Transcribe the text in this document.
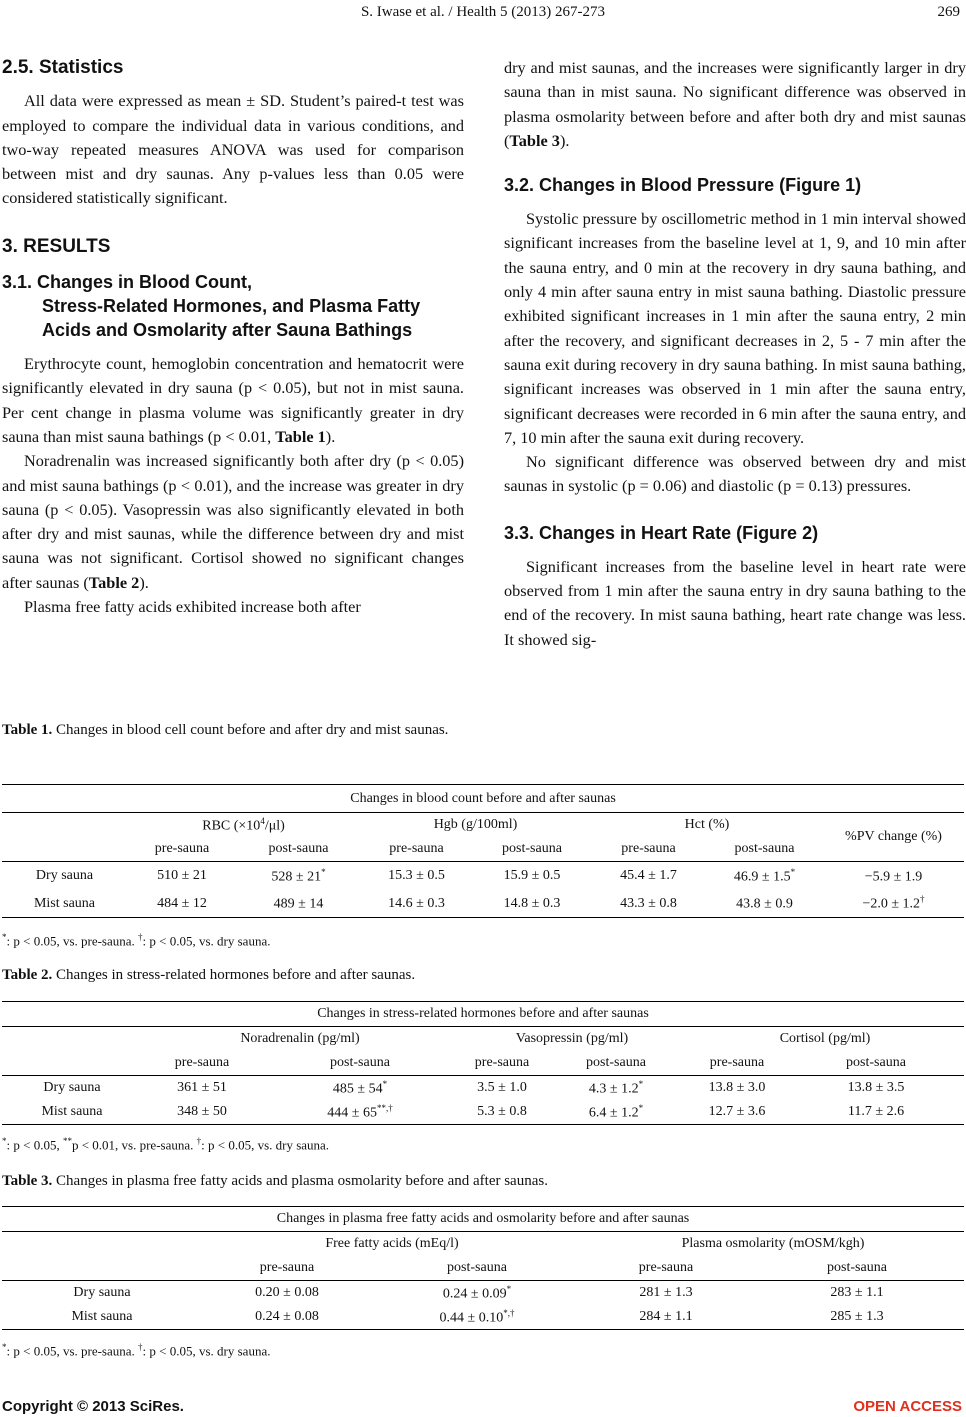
S. Iwase et al. / Health 5 (2013) 267-273	269
2.5. Statistics

All data were expressed as mean ± SD. Student’s paired-t test was employed to compare the individual data in various conditions, and two-way repeated measures ANOVA was used for comparison between mist and dry saunas. Any p-values less than 0.05 were considered statistically significant.

3. RESULTS
3.1. Changes in Blood Count,
Stress-Related Hormones, and Plasma Fatty Acids and Osmolarity after Sauna Bathings

Erythrocyte count, hemoglobin concentration and hematocrit were significantly elevated in dry sauna (p < 0.05), but not in mist sauna. Per cent change in plasma volume was significantly greater in dry sauna than mist sauna bathings (p < 0.01, Table 1).

Noradrenalin was increased significantly both after dry (p < 0.05) and mist sauna bathings (p < 0.01), and the increase was greater in dry sauna (p < 0.05). Vasopressin was also significantly elevated in both after dry and mist saunas, while the difference between dry and mist sauna was not significant. Cortisol showed no significant changes after saunas (Table 2).

Plasma free fatty acids exhibited increase both after

dry and mist saunas, and the increases were significantly larger in dry sauna than in mist sauna. No significant difference was observed in plasma osmolarity between before and after both dry and mist saunas (Table 3).

3.2. Changes in Blood Pressure (Figure 1)

Systolic pressure by oscillometric method in 1 min interval showed significant increases from the baseline level at 1, 9, and 10 min after the sauna entry, and 0 min at the recovery in dry sauna bathing, and only 4 min after sauna entry in mist sauna bathing. Diastolic pressure exhibited significant increases in 1 min after the sauna entry, 2 min after the recovery, and significant decreases in 2, 5 - 7 min after the sauna exit during recovery in dry sauna bathing. In mist sauna bathing, significant increases was observed in 1 min after the sauna entry, significant decreases were recorded in 6 min after the sauna entry, and 7, 10 min after the sauna exit during recovery.

No significant difference was observed between dry and mist saunas in systolic (p = 0.06) and diastolic (p = 0.13) pressures.

3.3. Changes in Heart Rate (Figure 2)

Significant increases from the baseline level in heart rate were observed from 1 min after the sauna entry in dry sauna bathing to the end of the recovery. In mist sauna bathing, heart rate change was less. It showed sig-

Table 1. Changes in blood cell count before and after dry and mist saunas.
Changes in blood count before and after saunas							
	RBC $(\times 10^4/\mu l)$		Hgb (g/100ml)		Hct (%)		%PV change (%)
	pre-sauna	post-sauna	pre-sauna	post-sauna	pre-sauna	post-sauna	
Dry sauna	510 ± 21	528 ± 21*	15.3 ± 0.5	15.9 ± 0.5	45.4 ± 1.7	46.9 ± 1.5*	−5.9 ± 1.9
Mist sauna	484 ± 12	489 ± 14	14.6 ± 0.3	14.8 ± 0.3	43.3 ± 0.8	43.8 ± 0.9	−2.0 ± 1.2†
*: p < 0.05, vs. pre-sauna. †: p < 0.05, vs. dry sauna.
Table 2. Changes in stress-related hormones before and after saunas.
Changes in stress-related hormones before and after saunas						
	Noradrenalin (pg/ml)		Vasopressin (pg/ml)		Cortisol (pg/ml)	
	pre-sauna	post-sauna	pre-sauna	post-sauna	pre-sauna	post-sauna
Dry sauna	361 ± 51	485 ± 54*	3.5 ± 1.0	4.3 ± 1.2*	13.8 ± 3.0	13.8 ± 3.5
Mist sauna	348 ± 50	444 ± 65**,†	5.3 ± 0.8	6.4 ± 1.2*	12.7 ± 3.6	11.7 ± 2.6
*: p < 0.05, **p < 0.01, vs. pre-sauna. †: p < 0.05, vs. dry sauna.
Table 3. Changes in plasma free fatty acids and plasma osmolarity before and after saunas.
Changes in plasma free fatty acids and osmolarity before and after saunas				
	Free fatty acids (mEq/l)		Plasma osmolarity (mOSM/kgh)	
	pre-sauna	post-sauna	pre-sauna	post-sauna
Dry sauna	0.20 ± 0.08	0.24 ± 0.09*	281 ± 1.3	283 ± 1.1
Mist sauna	0.24 ± 0.08	0.44 ± 0.10*,†	284 ± 1.1	285 ± 1.3
*: p < 0.05, vs. pre-sauna. †: p < 0.05, vs. dry sauna.
Copyright © 2013 SciRes.	OPEN ACCESS
